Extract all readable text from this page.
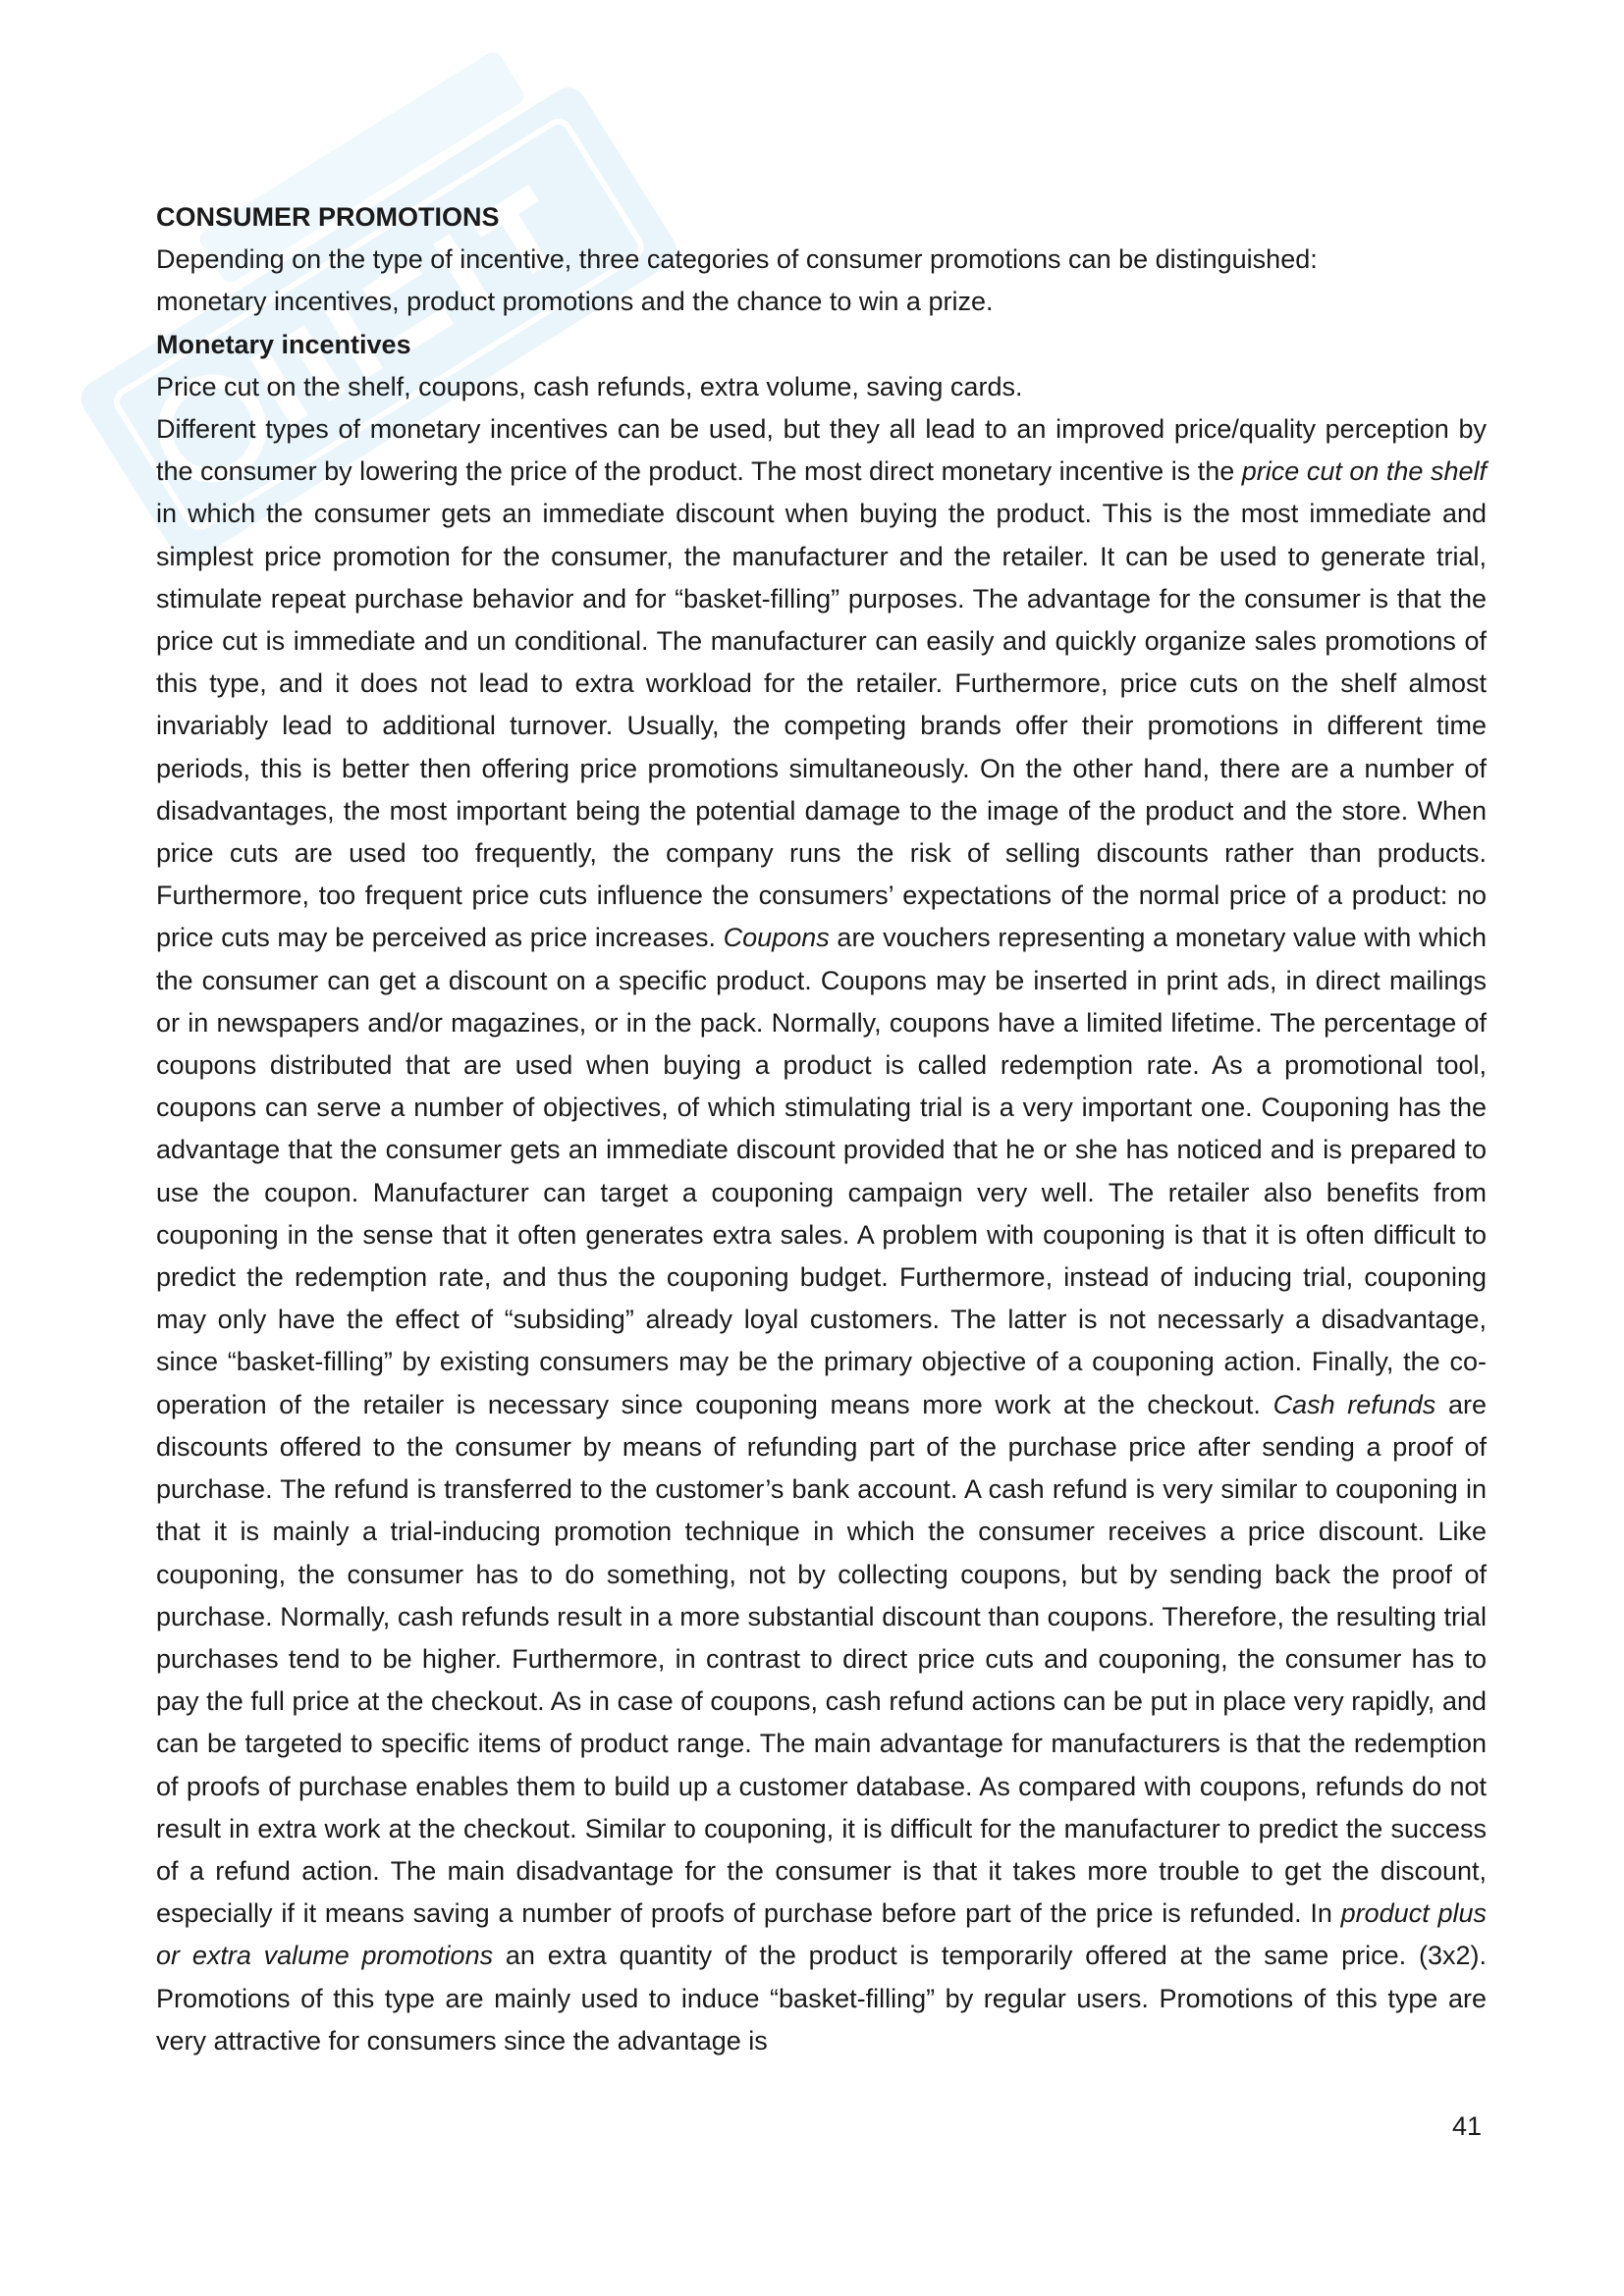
CONSUMER PROMOTIONS

Depending on the type of incentive, three categories of consumer promotions can be distinguished:

monetary incentives, product promotions and the chance to win a prize.

Monetary incentives

Price cut on the shelf, coupons, cash refunds, extra volume, saving cards.

Different types of monetary incentives can be used, but they all lead to an improved price/quality perception by the consumer by lowering the price of the product. The most direct monetary incentive is the price cut on the shelf in which the consumer gets an immediate discount when buying the product. This is the most immediate and simplest price promotion for the consumer, the manufacturer and the retailer. It can be used to generate trial, stimulate repeat purchase behavior and for “basket-filling” purposes. The advantage for the consumer is that the price cut is immediate and un conditional. The manufacturer can easily and quickly organize sales promotions of this type, and it does not lead to extra workload for the retailer. Furthermore, price cuts on the shelf almost invariably lead to additional turnover. Usually, the competing brands offer their promotions in different time periods, this is better then offering price promotions simultaneously. On the other hand, there are a number of disadvantages, the most important being the potential damage to the image of the product and the store. When price cuts are used too frequently, the company runs the risk of selling discounts rather than products. Furthermore, too frequent price cuts influence the consumers’ expectations of the normal price of a product: no price cuts may be perceived as price increases. Coupons are vouchers representing a monetary value with which the consumer can get a discount on a specific product. Coupons may be inserted in print ads, in direct mailings or in newspapers and/or magazines, or in the pack. Normally, coupons have a limited lifetime. The percentage of coupons distributed that are used when buying a product is called redemption rate. As a promotional tool, coupons can serve a number of objectives, of which stimulating trial is a very important one. Couponing has the advantage that the consumer gets an immediate discount provided that he or she has noticed and is prepared to use the coupon. Manufacturer can target a couponing campaign very well. The retailer also benefits from couponing in the sense that it often generates extra sales. A problem with couponing is that it is often difficult to predict the redemption rate, and thus the couponing budget. Furthermore, instead of inducing trial, couponing may only have the effect of “subsiding” already loyal customers. The latter is not necessarly a disadvantage, since “basket-filling” by existing consumers may be the primary objective of a couponing action. Finally, the co-operation of the retailer is necessary since couponing means more work at the checkout. Cash refunds are discounts offered to the consumer by means of refunding part of the purchase price after sending a proof of purchase. The refund is transferred to the customer’s bank account. A cash refund is very similar to couponing in that it is mainly a trial-inducing promotion technique in which the consumer receives a price discount. Like couponing, the consumer has to do something, not by collecting coupons, but by sending back the proof of purchase. Normally, cash refunds result in a more substantial discount than coupons. Therefore, the resulting trial purchases tend to be higher. Furthermore, in contrast to direct price cuts and couponing, the consumer has to pay the full price at the checkout. As in case of coupons, cash refund actions can be put in place very rapidly, and can be targeted to specific items of product range. The main advantage for manufacturers is that the redemption of proofs of purchase enables them to build up a customer database. As compared with coupons, refunds do not result in extra work at the checkout. Similar to couponing, it is difficult for the manufacturer to predict the success of a refund action. The main disadvantage for the consumer is that it takes more trouble to get the discount, especially if it means saving a number of proofs of purchase before part of the price is refunded. In product plus or extra valume promotions an extra quantity of the product is temporarily offered at the same price. (3x2). Promotions of this type are mainly used to induce “basket-filling” by regular users. Promotions of this type are very attractive for consumers since the advantage is

41
